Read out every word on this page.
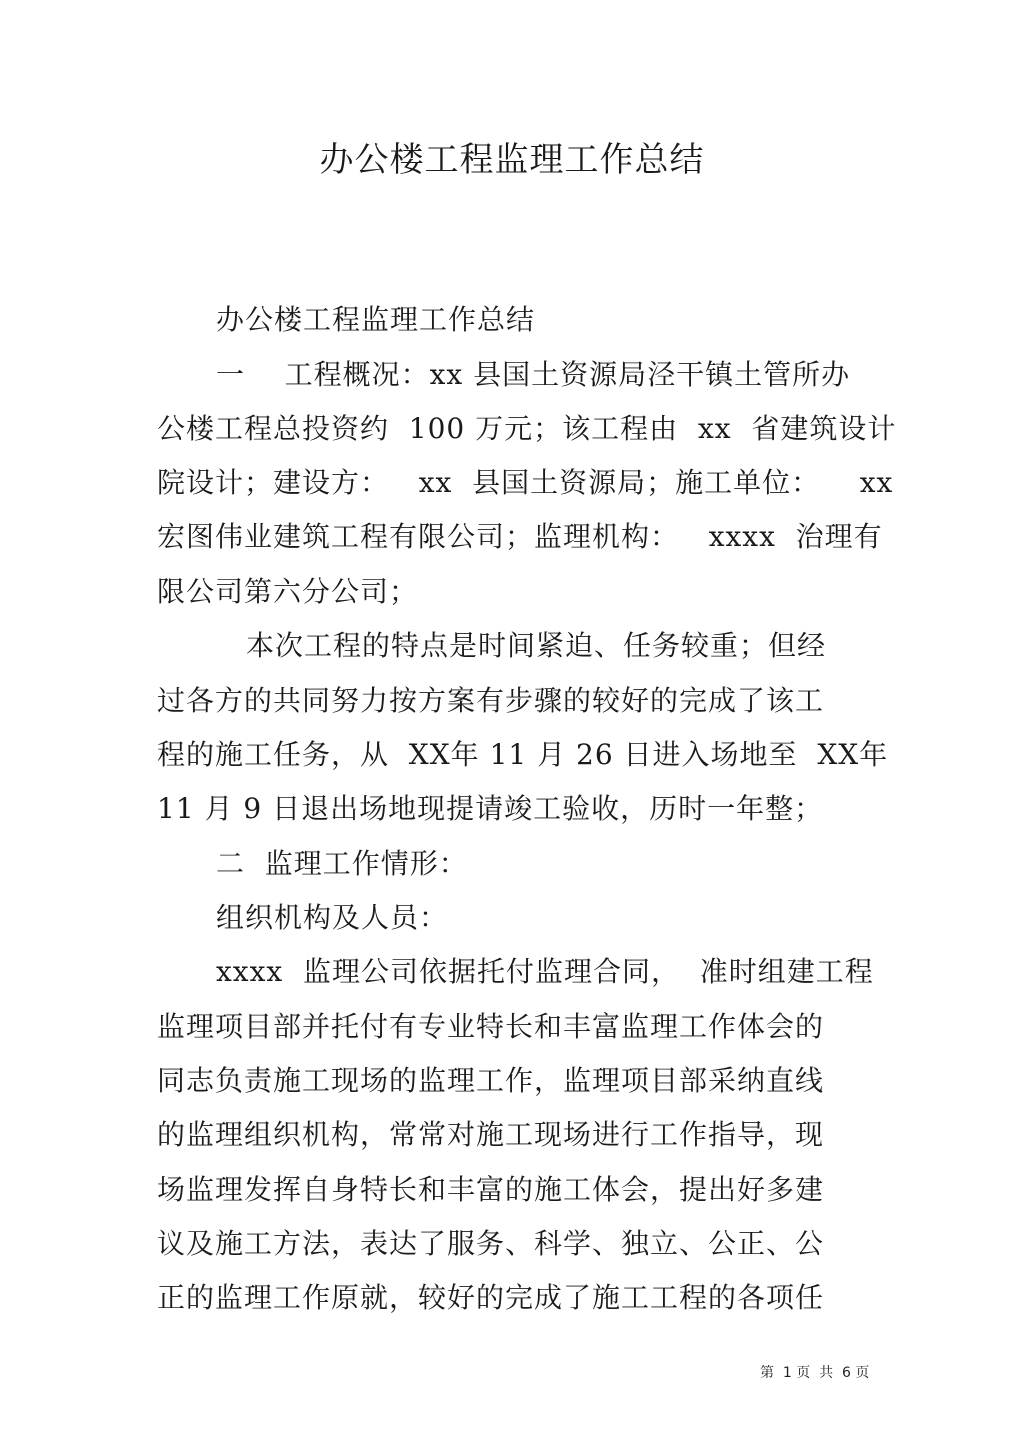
办公楼工程监理工作总结
办公楼工程监理工作总结
一    工程概况：xx 县国土资源局泾干镇土管所办
公楼工程总投资约  100 万元；该工程由  xx  省建筑设计
院设计；建设方：   xx  县国土资源局；施工单位：    xx
宏图伟业建筑工程有限公司；监理机构：   xxxx  治理有
限公司第六分公司；
本次工程的特点是时间紧迫、任务较重；但经
过各方的共同努力按方案有步骤的较好的完成了该工
程的施工任务，从  XX年 11 月 26 日进入场地至  XX年
11 月 9 日退出场地现提请竣工验收，历时一年整；
二  监理工作情形：
组织机构及人员：
xxxx  监理公司依据托付监理合同，  准时组建工程
监理项目部并托付有专业特长和丰富监理工作体会的
同志负责施工现场的监理工作，监理项目部采纳直线
的监理组织机构，常常对施工现场进行工作指导，现
场监理发挥自身特长和丰富的施工体会，提出好多建
议及施工方法，表达了服务、科学、独立、公正、公
正的监理工作原就，较好的完成了施工工程的各项任
第  1 页  共  6 页
